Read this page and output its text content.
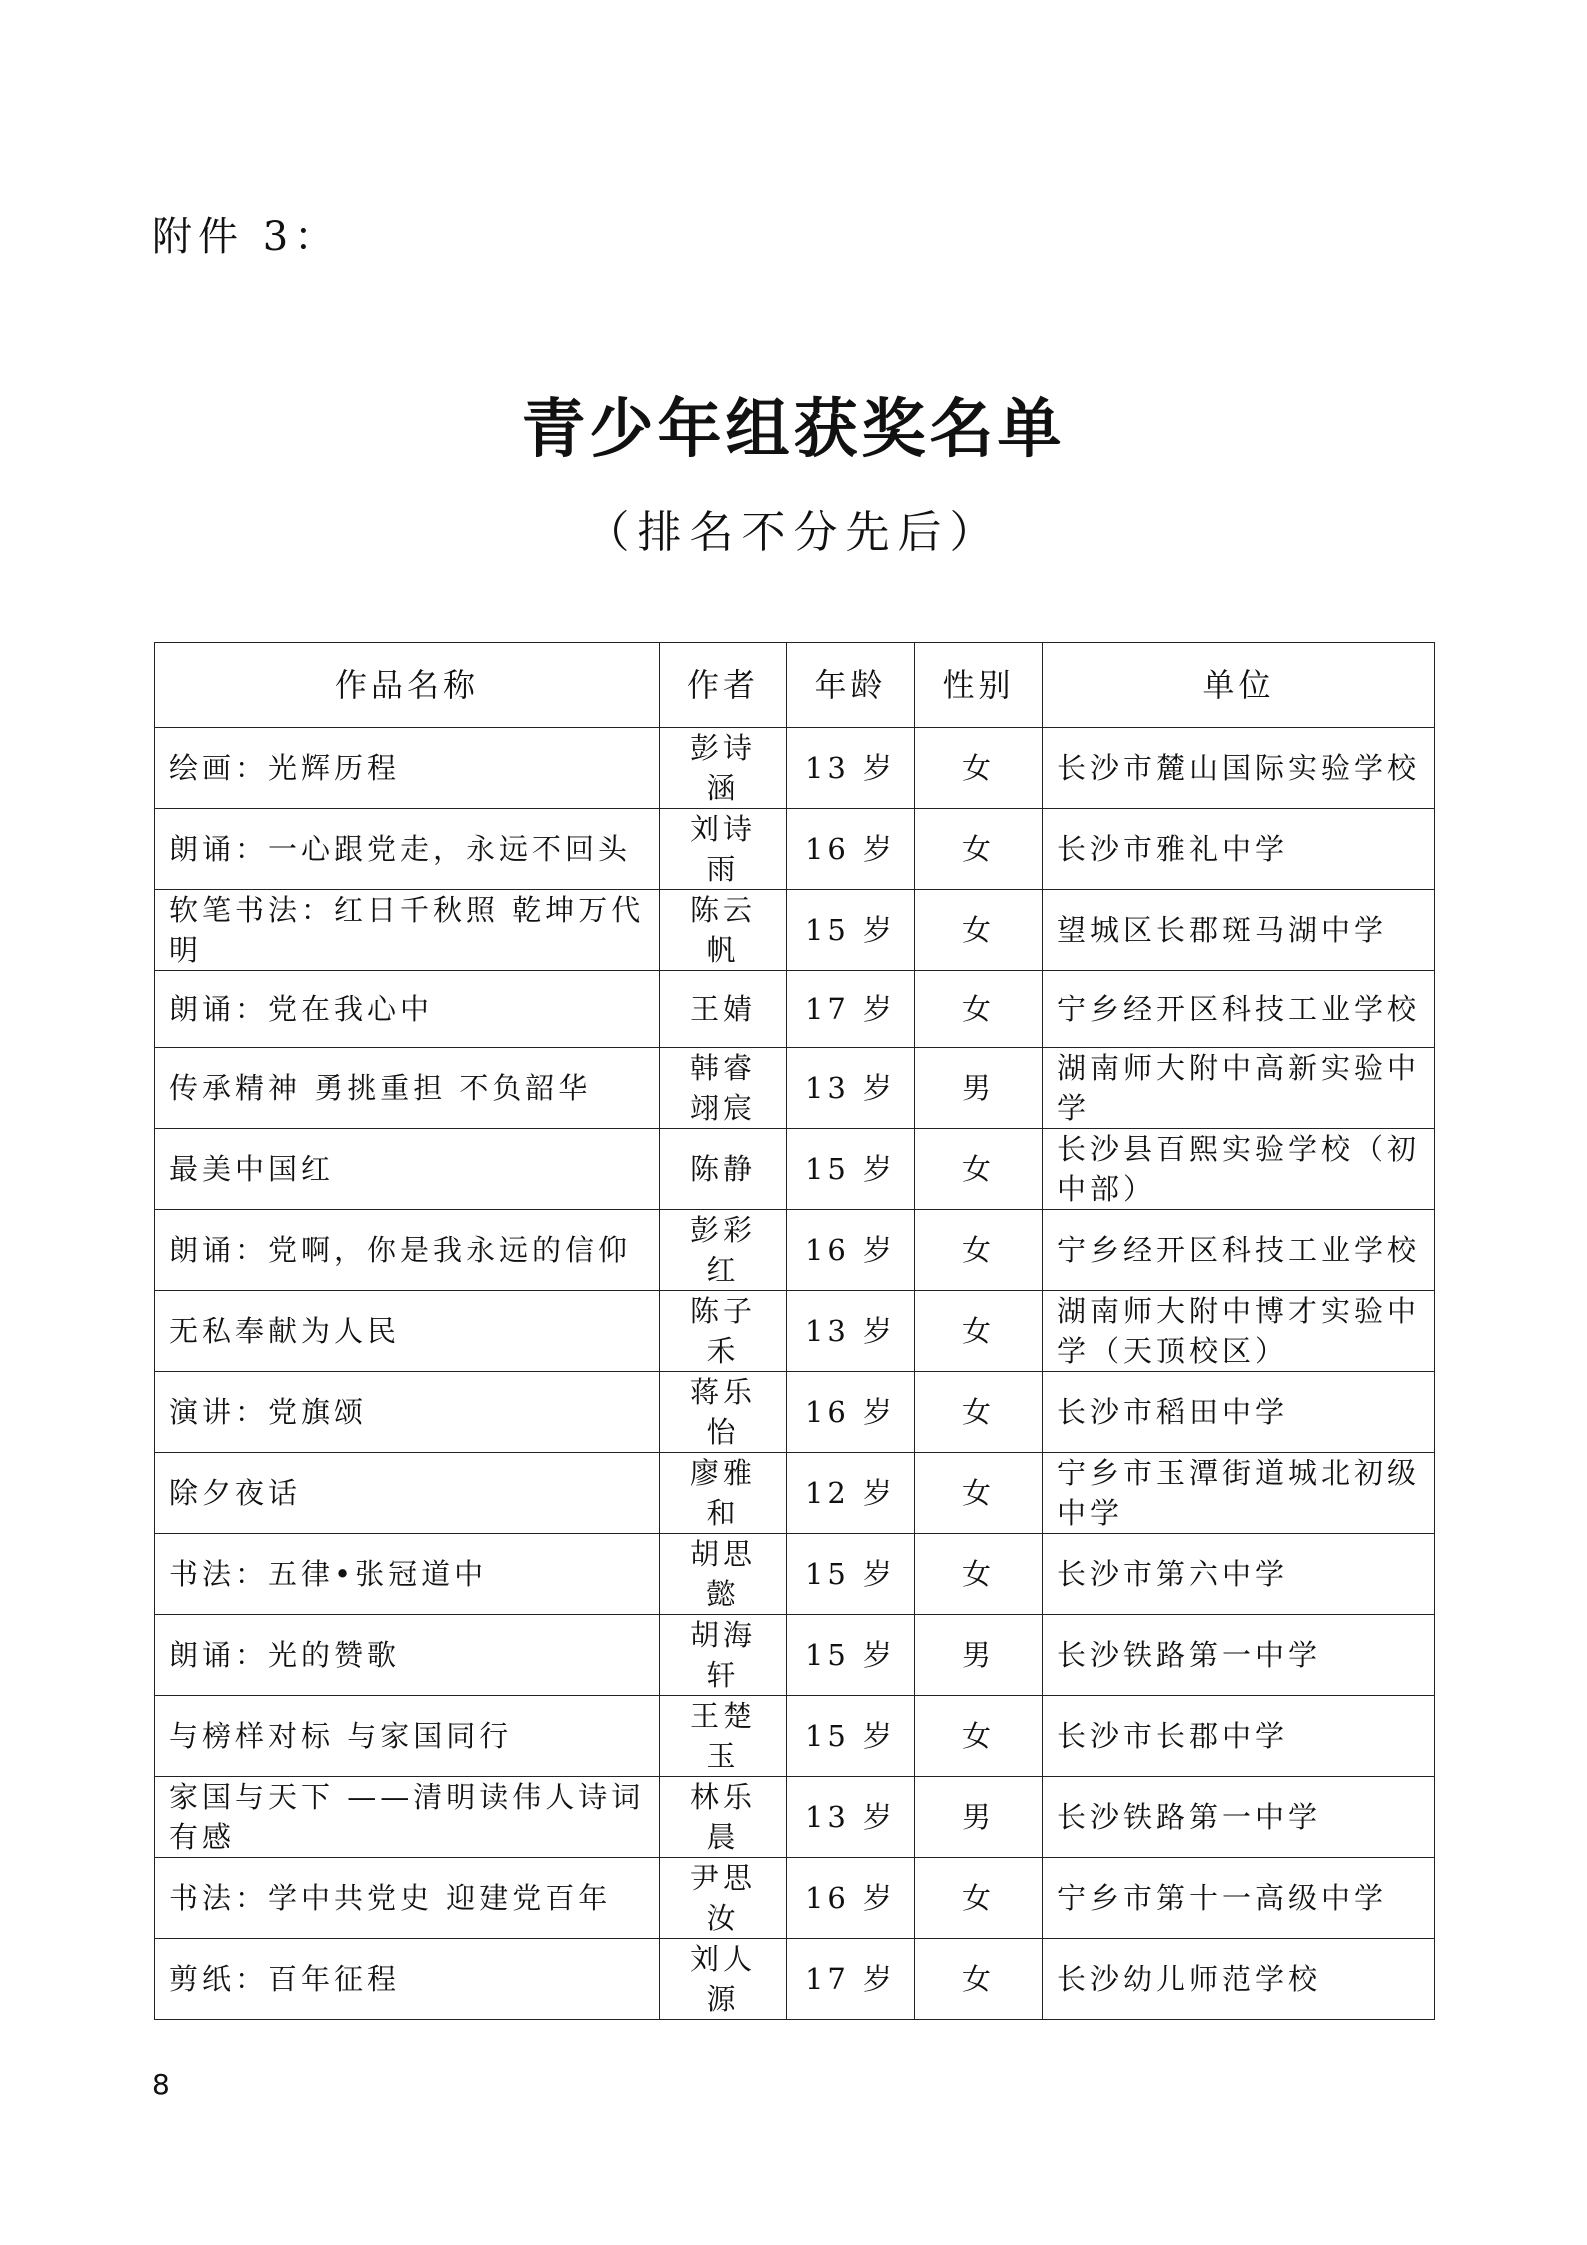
附件 3：
青少年组获奖名单
（排名不分先后）
作品名称	作者	年龄	性别	单位
绘画：光辉历程	彭诗涵	13 岁	女	长沙市麓山国际实验学校
朗诵：一心跟党走，永远不回头	刘诗雨	16 岁	女	长沙市雅礼中学
软笔书法：红日千秋照 乾坤万代明	陈云帆	15 岁	女	望城区长郡斑马湖中学
朗诵：党在我心中	王婧	17 岁	女	宁乡经开区科技工业学校
传承精神 勇挑重担 不负韶华	韩睿翊宸	13 岁	男	湖南师大附中高新实验中学
最美中国红	陈静	15 岁	女	长沙县百熙实验学校（初中部）
朗诵：党啊，你是我永远的信仰	彭彩红	16 岁	女	宁乡经开区科技工业学校
无私奉献为人民	陈子禾	13 岁	女	湖南师大附中博才实验中学（天顶校区）
演讲：党旗颂	蒋乐怡	16 岁	女	长沙市稻田中学
除夕夜话	廖雅和	12 岁	女	宁乡市玉潭街道城北初级中学
书法：五律•张冠道中	胡思懿	15 岁	女	长沙市第六中学
朗诵：光的赞歌	胡海轩	15 岁	男	长沙铁路第一中学
与榜样对标 与家国同行	王楚玉	15 岁	女	长沙市长郡中学
家国与天下 ——清明读伟人诗词有感	林乐晨	13 岁	男	长沙铁路第一中学
书法：学中共党史 迎建党百年	尹思汝	16 岁	女	宁乡市第十一高级中学
剪纸：百年征程	刘人源	17 岁	女	长沙幼儿师范学校
8
